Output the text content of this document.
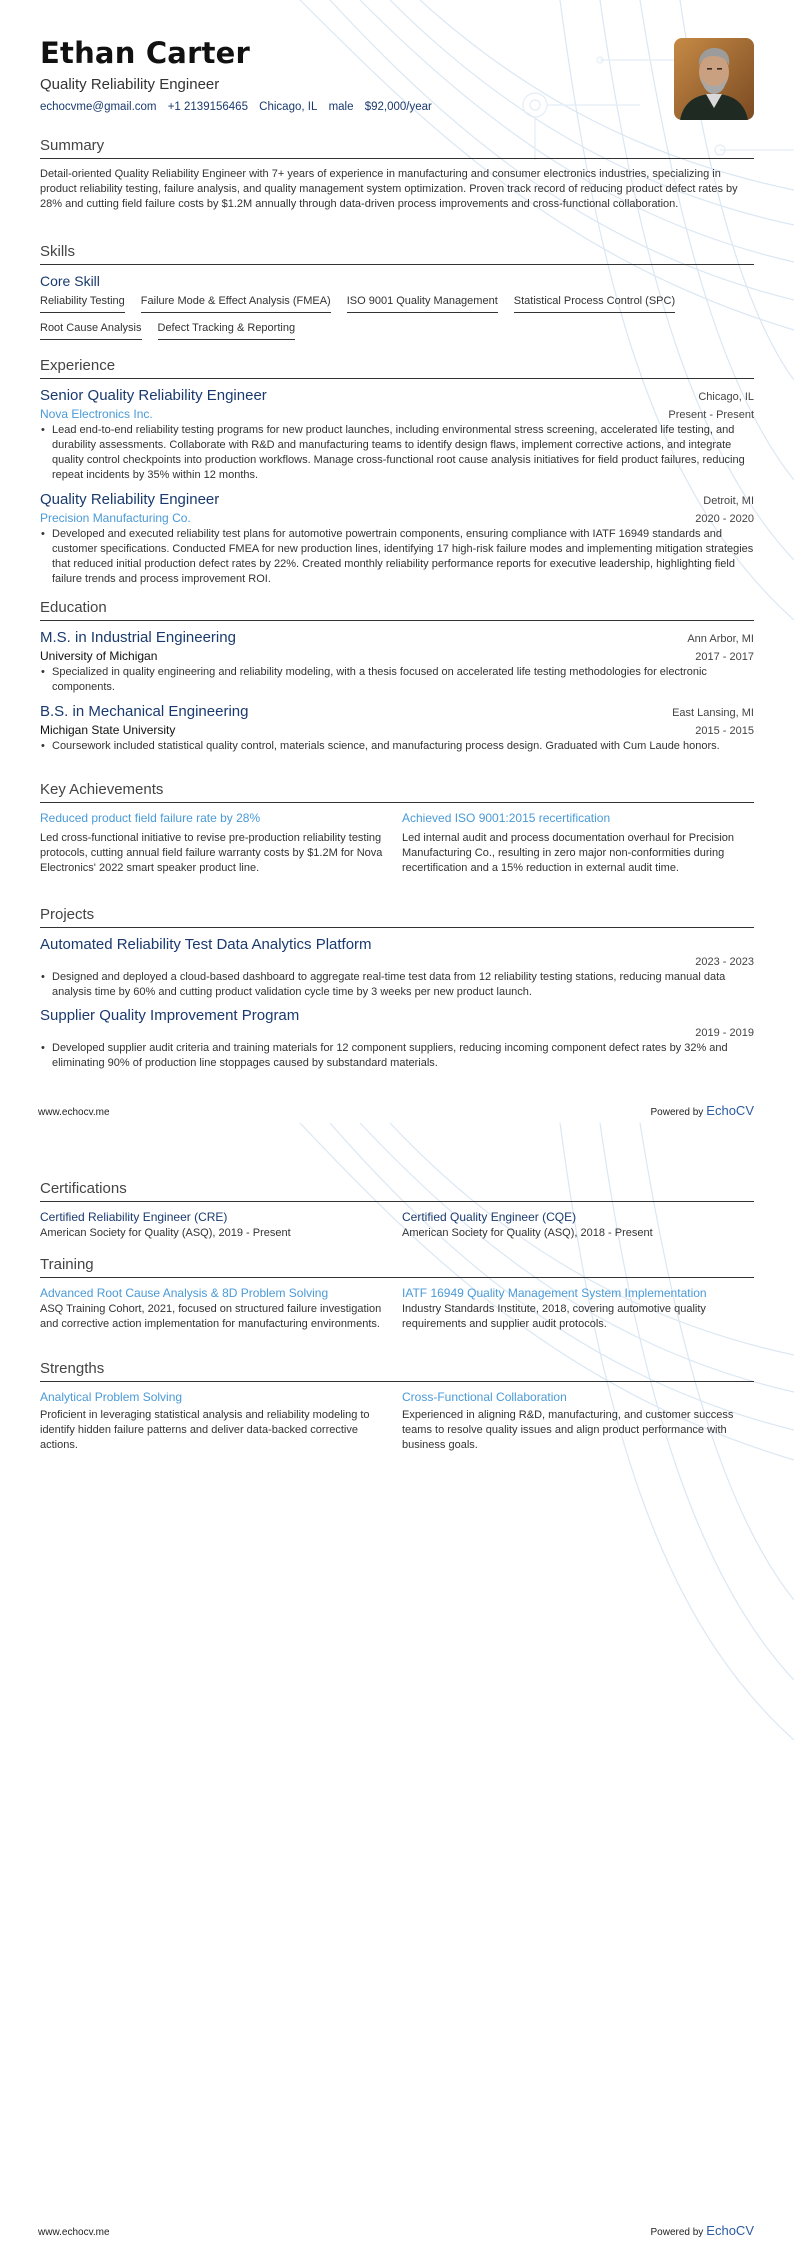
Ethan Carter
Quality Reliability Engineer
echocvme@gmail.com +1 2139156465 Chicago, IL male $92,000/year
Summary
Detail-oriented Quality Reliability Engineer with 7+ years of experience in manufacturing and consumer electronics industries, specializing in product reliability testing, failure analysis, and quality management system optimization. Proven track record of reducing product defect rates by 28% and cutting field failure costs by $1.2M annually through data-driven process improvements and cross-functional collaboration.
Skills
Core Skill
Reliability Testing Failure Mode & Effect Analysis (FMEA) ISO 9001 Quality Management Statistical Process Control (SPC)
Root Cause Analysis Defect Tracking & Reporting
Experience
Senior Quality Reliability Engineer	Chicago, IL
Nova Electronics Inc.	Present - Present
• Lead end-to-end reliability testing programs for new product launches, including environmental stress screening, accelerated life testing, and durability assessments. Collaborate with R&D and manufacturing teams to identify design flaws, implement corrective actions, and integrate quality control checkpoints into production workflows. Manage cross-functional root cause analysis initiatives for field product failures, reducing repeat incidents by 35% within 12 months.
Quality Reliability Engineer	Detroit, MI
Precision Manufacturing Co.	2020 - 2020
• Developed and executed reliability test plans for automotive powertrain components, ensuring compliance with IATF 16949 standards and customer specifications. Conducted FMEA for new production lines, identifying 17 high-risk failure modes and implementing mitigation strategies that reduced initial production defect rates by 22%. Created monthly reliability performance reports for executive leadership, highlighting field failure trends and process improvement ROI.
Education
M.S. in Industrial Engineering	Ann Arbor, MI
University of Michigan	2017 - 2017
• Specialized in quality engineering and reliability modeling, with a thesis focused on accelerated life testing methodologies for electronic components.
B.S. in Mechanical Engineering	East Lansing, MI
Michigan State University	2015 - 2015
• Coursework included statistical quality control, materials science, and manufacturing process design. Graduated with Cum Laude honors.
Key Achievements
Reduced product field failure rate by 28%
Led cross-functional initiative to revise pre-production reliability testing protocols, cutting annual field failure warranty costs by $1.2M for Nova Electronics' 2022 smart speaker product line.
Achieved ISO 9001:2015 recertification
Led internal audit and process documentation overhaul for Precision Manufacturing Co., resulting in zero major non-conformities during recertification and a 15% reduction in external audit time.
Projects
Automated Reliability Test Data Analytics Platform
2023 - 2023
• Designed and deployed a cloud-based dashboard to aggregate real-time test data from 12 reliability testing stations, reducing manual data analysis time by 60% and cutting product validation cycle time by 3 weeks per new product launch.
Supplier Quality Improvement Program
2019 - 2019
• Developed supplier audit criteria and training materials for 12 component suppliers, reducing incoming component defect rates by 32% and eliminating 90% of production line stoppages caused by substandard materials.
www.echocv.me	Powered by EchoCV
Certifications
Certified Reliability Engineer (CRE)
American Society for Quality (ASQ), 2019 - Present
Certified Quality Engineer (CQE)
American Society for Quality (ASQ), 2018 - Present
Training
Advanced Root Cause Analysis & 8D Problem Solving
ASQ Training Cohort, 2021, focused on structured failure investigation and corrective action implementation for manufacturing environments.
IATF 16949 Quality Management System Implementation
Industry Standards Institute, 2018, covering automotive quality requirements and supplier audit protocols.
Strengths
Analytical Problem Solving
Proficient in leveraging statistical analysis and reliability modeling to identify hidden failure patterns and deliver data-backed corrective actions.
Cross-Functional Collaboration
Experienced in aligning R&D, manufacturing, and customer success teams to resolve quality issues and align product performance with business goals.
www.echocv.me	Powered by EchoCV
